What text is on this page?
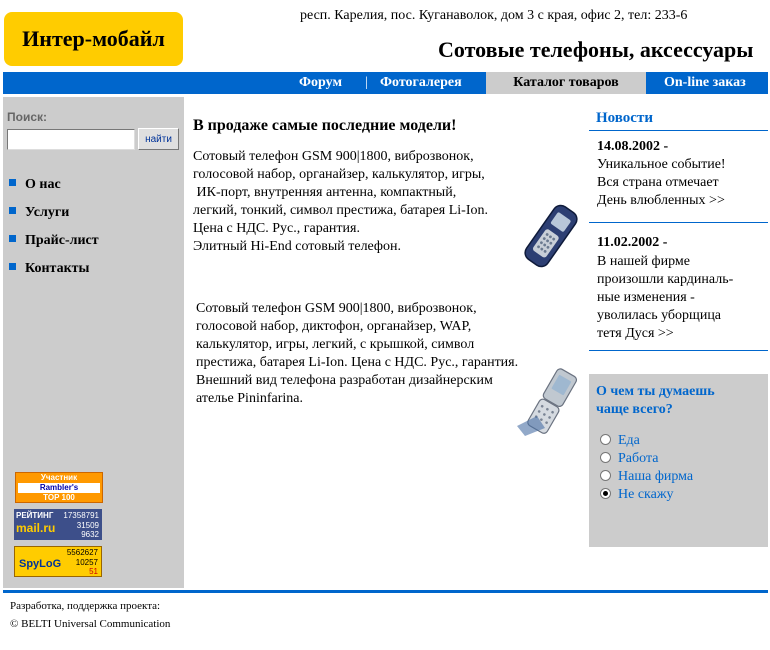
Интер-мобайл
респ. Карелия, пос. Куганаволок, дом 3 с края, офис 2, тел: 233-6
Сотовые телефоны, аксессуары
Форум | Фотогалерея	Каталог товаров	On-line заказ
Поиск:
найти
О нас
Услуги
Прайс-лист
Контакты
Участник
Rambler's
TOP 100
РЕЙТИНГ 17358791
mail.ru	31509
9632
5562627
SpyLoG 10257
51
В продаже самые последние модели!
Сотовый телефон GSM 900|1800, виброзвонок,
голосовой набор, органайзер, калькулятор, игры,
ИК-порт, внутренняя антенна, компактный,
легкий, тонкий, символ престижа, батарея Li-Ion.
Цена с НДС. Рус., гарантия.
Элитный Hi-End сотовый телефон.
Сотовый телефон GSM 900|1800, виброзвонок,
голосовой набор, диктофон, органайзер, WAP,
калькулятор, игры, легкий, с крышкой, символ
престижа, батарея Li-Ion. Цена с НДС. Рус., гарантия.
Внешний вид телефона разработан дизайнерским
ателье Pininfarina.
Новости
14.08.2002 -
Уникальное событие!
Вся страна отмечает
День влюбленных >>
11.02.2002 -
В нашей фирме
произошли кардиналь-
ные изменения -
уволилась уборщица
тетя Дуся >>
О чем ты думаешь
чаще всего?
Еда
Работа
Наша фирма
Не скажу
Разработка, поддержка проекта:
© BELTI Universal Communication
